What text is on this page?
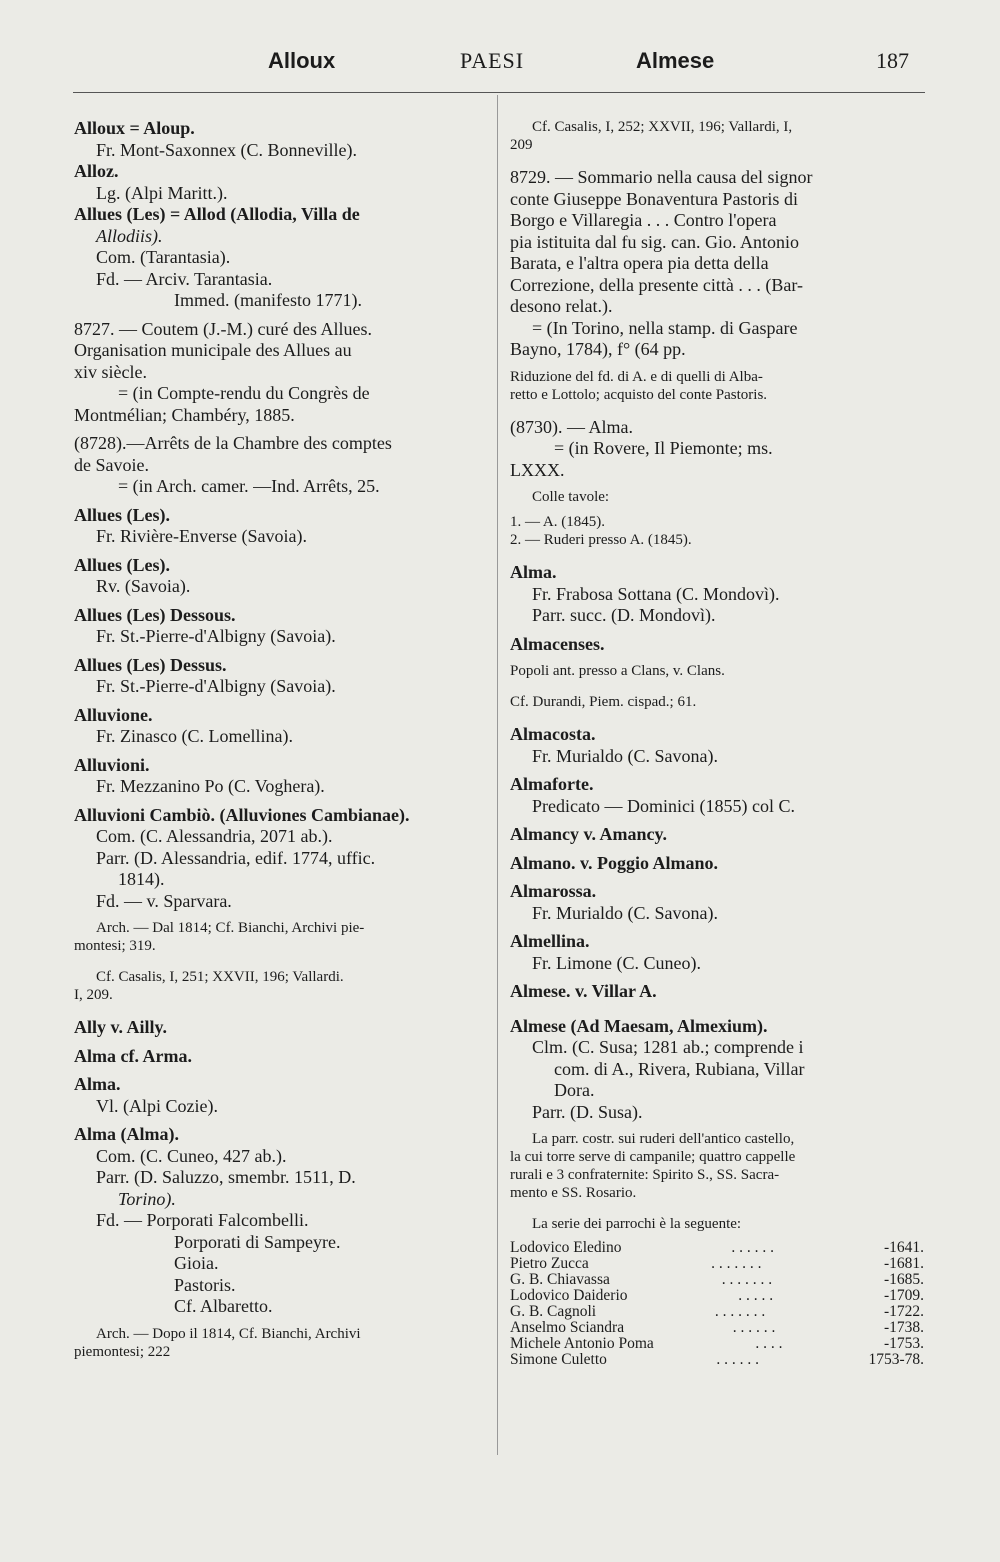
Alloux	PAESI	Almese	187
Alloux = Aloup.
Fr. Mont-Saxonnex (C. Bonneville).
Alloz.
Lg. (Alpi Maritt.).
Allues (Les) = Allod (Allodia, Villa de
Allodiis).
Com. (Tarantasia).
Fd. — Arciv. Tarantasia.
Immed. (manifesto 1771).
8727. — Coutem (J.-M.) curé des Allues.
Organisation municipale des Allues au
xiv siècle.
= (in Compte-rendu du Congrès de
Montmélian; Chambéry, 1885.
(8728).—Arrêts de la Chambre des comptes
de Savoie.
= (in Arch. camer. —Ind. Arrêts, 25.
Allues (Les).
Fr. Rivière-Enverse (Savoia).
Allues (Les).
Rv. (Savoia).
Allues (Les) Dessous.
Fr. St.-Pierre-d'Albigny (Savoia).
Allues (Les) Dessus.
Fr. St.-Pierre-d'Albigny (Savoia).
Alluvione.
Fr. Zinasco (C. Lomellina).
Alluvioni.
Fr. Mezzanino Po (C. Voghera).
Alluvioni Cambiò. (Alluviones Cambianae).
Com. (C. Alessandria, 2071 ab.).
Parr. (D. Alessandria, edif. 1774, uffic.
1814).
Fd. — v. Sparvara.
Arch. — Dal 1814; Cf. Bianchi, Archivi pie-
montesi; 319.
Cf. Casalis, I, 251; XXVII, 196; Vallardi.
I, 209.
Ally v. Ailly.
Alma cf. Arma.
Alma.
Vl. (Alpi Cozie).
Alma (Alma).
Com. (C. Cuneo, 427 ab.).
Parr. (D. Saluzzo, smembr. 1511, D.
Torino).
Fd. — Porporati Falcombelli.
Porporati di Sampeyre.
Gioia.
Pastoris.
Cf. Albaretto.
Arch. — Dopo il 1814, Cf. Bianchi, Archivi
piemontesi; 222
Cf. Casalis, I, 252; XXVII, 196; Vallardi, I,
209
8729. — Sommario nella causa del signor
conte Giuseppe Bonaventura Pastoris di
Borgo e Villaregia . . . Contro l'opera
pia istituita dal fu sig. can. Gio. Antonio
Barata, e l'altra opera pia detta della
Correzione, della presente città . . . (Bar-
desono relat.).
= (In Torino, nella stamp. di Gaspare
Bayno, 1784), f° (64 pp.
Riduzione del fd. di A. e di quelli di Alba-
retto e Lottolo; acquisto del conte Pastoris.
(8730). — Alma.
= (in Rovere, Il Piemonte; ms.
LXXX.
Colle tavole:
1. — A. (1845).
2. — Ruderi presso A. (1845).
Alma.
Fr. Frabosa Sottana (C. Mondovì).
Parr. succ. (D. Mondovì).
Almacenses.
Popoli ant. presso a Clans, v. Clans.
Cf. Durandi, Piem. cispad.; 61.
Almacosta.
Fr. Murialdo (C. Savona).
Almaforte.
Predicato — Dominici (1855) col C.
Almancy v. Amancy.
Almano. v. Poggio Almano.
Almarossa.
Fr. Murialdo (C. Savona).
Almellina.
Fr. Limone (C. Cuneo).
Almese. v. Villar A.
Almese (Ad Maesam, Almexium).
Clm. (C. Susa; 1281 ab.; comprende i
com. di A., Rivera, Rubiana, Villar
Dora.
Parr. (D. Susa).
La parr. costr. sui ruderi dell'antico castello,
la cui torre serve di campanile; quattro cappelle
rurali e 3 confraternite: Spirito S., SS. Sacra-
mento e SS. Rosario.
La serie dei parrochi è la seguente:
Lodovico Eledino	. . . . . .	-1641.
Pietro Zucca	. . . . . . .	-1681.
G. B. Chiavassa	. . . . . . .	-1685.
Lodovico Daiderio	. . . . .	-1709.
G. B. Cagnoli	. . . . . . .	-1722.
Anselmo Sciandra	. . . . . .	-1738.
Michele Antonio Poma	. . . .	-1753.
Simone Culetto	. . . . . .	1753-78.
